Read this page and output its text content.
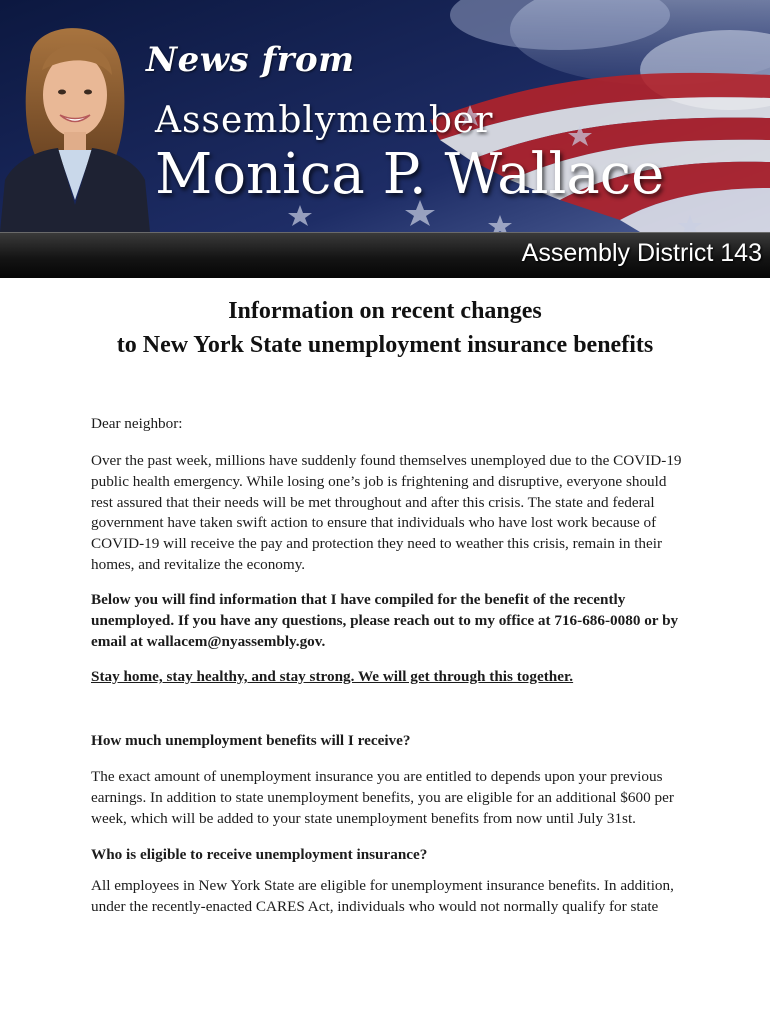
News from
Assemblymember
Monica P. Wallace
Assembly District 143
Information on recent changes
to New York State unemployment insurance benefits

Dear neighbor:

Over the past week, millions have suddenly found themselves unemployed due to the COVID-19 public health emergency. While losing one’s job is frightening and disruptive, everyone should rest assured that their needs will be met throughout and after this crisis. The state and federal government have taken swift action to ensure that individuals who have lost work because of COVID-19 will receive the pay and protection they need to weather this crisis, remain in their homes, and revitalize the economy.

Below you will find information that I have compiled for the benefit of the recently unemployed. If you have any questions, please reach out to my office at 716-686-0080 or by email at wallacem@nyassembly.gov.

Stay home, stay healthy, and stay strong. We will get through this together.

How much unemployment benefits will I receive?

The exact amount of unemployment insurance you are entitled to depends upon your previous earnings. In addition to state unemployment benefits, you are eligible for an additional $600 per week, which will be added to your state unemployment benefits from now until July 31st.

Who is eligible to receive unemployment insurance?

All employees in New York State are eligible for unemployment insurance benefits. In addition, under the recently-enacted CARES Act, individuals who would not normally qualify for state
